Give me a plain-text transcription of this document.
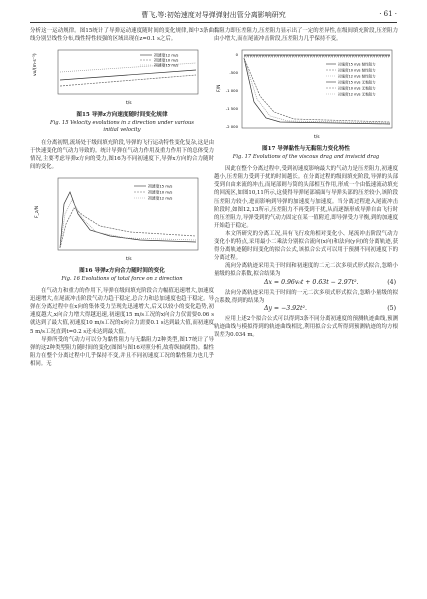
曹飞,等:初始速度对导弹弹射出管分离影响研究	· 61 ·

分析这一运动规律。图15统计了导弹运动速度随时间的变化规律,图中3条曲线分别呈线性分布,线性特性较强的区域出现在z=0.1 s之后。

vx/(m·s⁻¹)
t/s
初速度12 m/s
初速度10 m/s
初速度15 m/s

图15 导弹z方向速度随时间变化规律

Fig. 15 Velocity evolutions in z direction under various

initial velocity

在分离初期,流场处于级间填充阶段,导弹的飞行运动特性变化复杂,这是由于快速变化的气动力导致的。统计导弹在气动力作用及重力作用下的总体受力情况,主要考虑导弹z方向的受力,图16为不同初速度下,导弹x方向的合力随时间的变化。

F_z/N
t/s
初速度15 m/s
初速度10 m/s
初速度12 m/s

图16 导弹z方向合力随时间的变化

Fig. 16 Evolutions of total force on z direction

在气动力和重力的作用下,导弹在级间填充阶段合力幅值迅速增大,加速度迅速增大,在尾流冲击阶段气动力趋于稳定,总合力和总加速度也趋于稳定。导弹在分离过程中在x向的集体受力呈现先迅速增大,后又以较小的变化趋势,初速度越大,x向合力增大得越迅速,初速度15 m/s工况的x向合力仅需要0.06 s就达到了最大值,初速度10 m/s工况的x向合力需要0.1 s达到最大值,而初速度5 m/s工况直到t=0.2 s还未达到最大值。

导弹所受的气动力可以分为黏性阻力与无黏阻力2种类型,图17统计了导弹的这2种类型阻力随时间的变化(图图与图16对照分析,故将纵轴倒置)。黏性阻力在整个分离过程中几乎保持不变,并且不同初速度工况的黏性阻力也几乎相同。无

黏阻力即压差阻力,压差阻力显示出了一定的差异性,在级间填充阶段,压差阻力由小增大,而在尾流冲击阶段,压差阻力几乎保持不变。

F/N
t/s
0
-500
-1 000
-1 500
-2 000
初速度15 m/s 黏性阻力
初速度10 m/s 黏性阻力
初速度12 m/s 黏性阻力
初速度15 m/s 无黏阻力
初速度10 m/s 无黏阻力
初速度12 m/s 无黏阻力

图17 导弹黏性与无黏阻力变化特性

Fig. 17 Evolutions of the viscous drag and inviscid drag

因此在整个分离过程中,受到初速度影响最大的气动力是压差阻力,初速度越小,压差阻力受到于扰的时间越长。在分离过程的级间填充阶段,导弹的头部受到自由来流的冲击,而尾部则与筒的头部相互作用,形成一个由低速流动填充的回流区,如图10,11所示,这使得导弹尾部端面与导弹头部的压差较小,该阶段压差阻力较小,进而影响到导弹的加速度与加速度。当分离过程进入尾流冲击阶段时,如图12,13所示,压差阻力不再受到干扰,从而逐渐形成导弹自由飞行时的压差阻力,导弹受到的气动力固定在某一值附近,即导弹受力平衡,到的加速度开始趋于稳定。

本文所研究的分离工况,具有飞行攻角相对变化小、尾流冲击阶段气动力变化小的特点,采用最小二乘法分别拟合流向(x向)和法向(y向)的分离轨迹,获得分离轨迹随时间变化的拟合公式,该拟合公式可以用于预测不同初速度下的分离过程。

流向分离轨迹采用关于时间和初速度的二元二次多项式形式拟合,忽略小量级的拟合系数,拟合结果为

Δx = 0.96v₀t + 0.63t − 2.97t².	(4)

法向分离轨迹采用关于时间的一元二次多项式形式拟合,忽略小量级的拟合系数,得到的结果为

Δy = −3.92t².	(5)

应用上述2个拟合公式可以得到3条不同分离初速度的预测轨迹曲线,预测轨迹曲线与模拟得到的轨迹曲线相比,利用拟合公式所得到预测轨迹的均方根误差为0.034 m。
